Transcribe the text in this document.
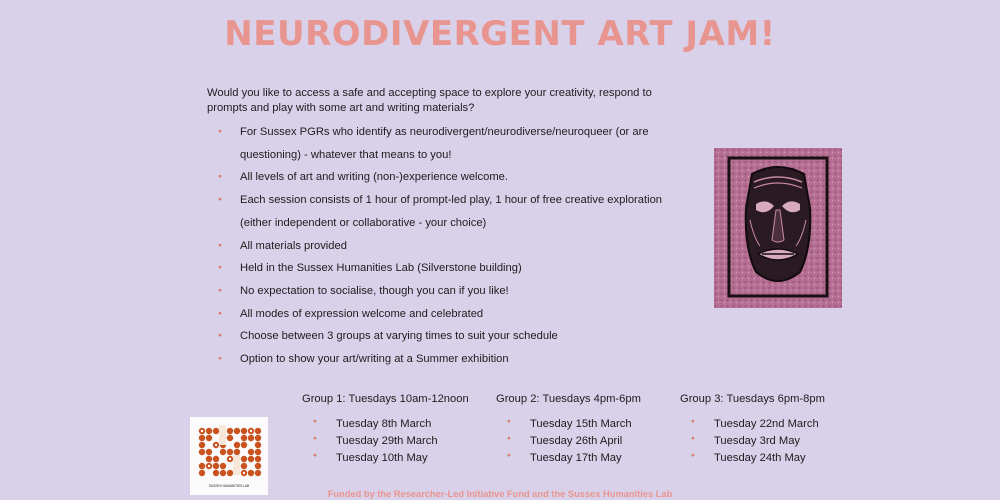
NEURODIVERGENT ART JAM!
Would you like to access a safe and accepting space to explore your creativity, respond to prompts and play with some art and writing materials?
● For Sussex PGRs who identify as neurodivergent/neurodiverse/neuroqueer (or are questioning) - whatever that means to you!
● All levels of art and writing (non-)experience welcome.
● Each session consists of 1 hour of prompt-led play, 1 hour of free creative exploration (either independent or collaborative - your choice)
● All materials provided
● Held in the Sussex Humanities Lab (Silverstone building)
● No expectation to socialise, though you can if you like!
● All modes of expression welcome and celebrated
● Choose between 3 groups at varying times to suit your schedule
● Option to show your art/writing at a Summer exhibition
Group 1: Tuesdays 10am-12noon
● Tuesday 8th March
● Tuesday 29th March
● Tuesday 10th May
Group 2: Tuesdays 4pm-6pm
● Tuesday 15th March
● Tuesday 26th April
● Tuesday 17th May
Group 3: Tuesdays 6pm-8pm
● Tuesday 22nd March
● Tuesday 3rd May
● Tuesday 24th May
SUSSEX HUMANITIES LAB
Funded by the Researcher-Led Initiative Fund and the Sussex Humanities Lab
